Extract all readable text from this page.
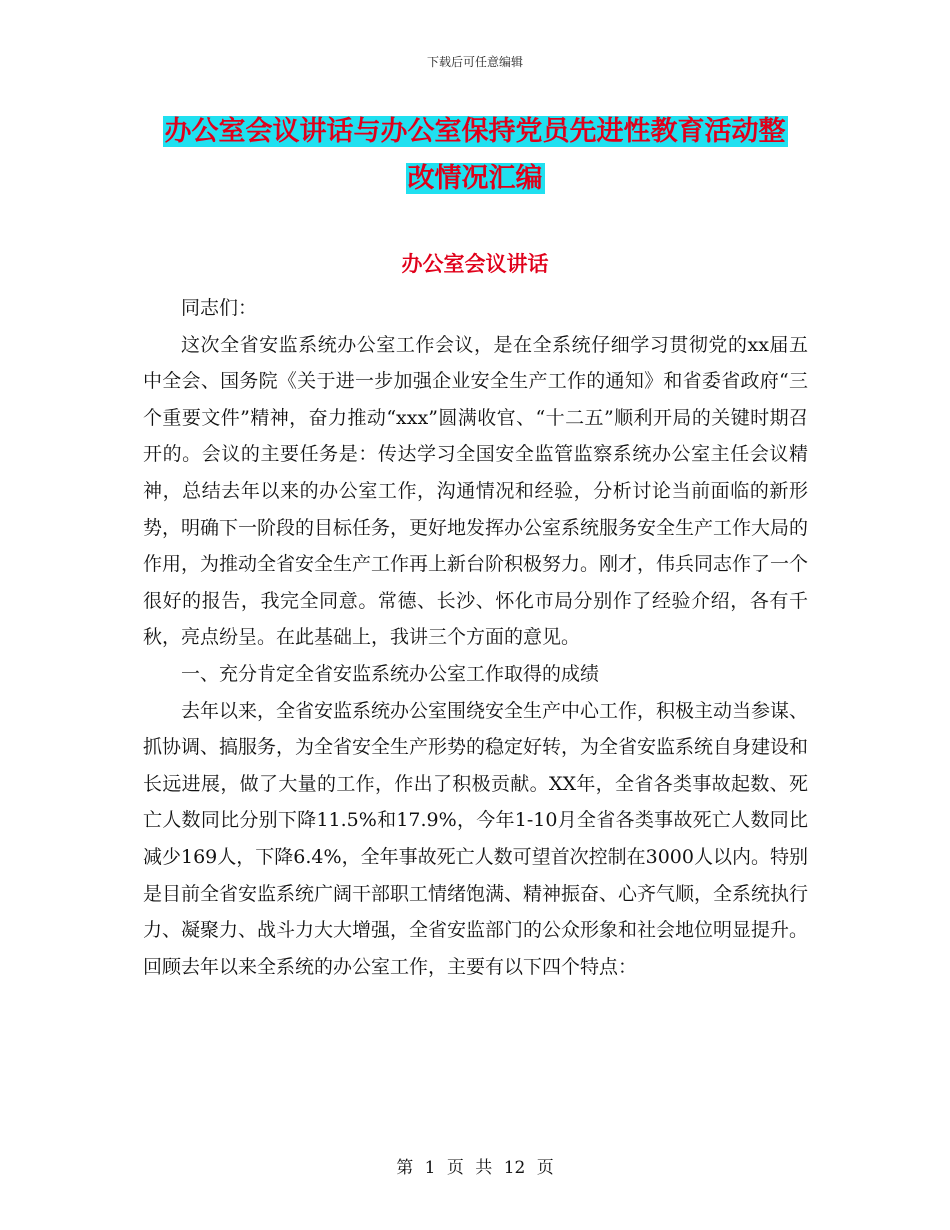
下载后可任意编辑
办公室会议讲话与办公室保持党员先进性教育活动整
改情况汇编
办公室会议讲话

同志们：

这次全省安监系统办公室工作会议，是在全系统仔细学习贯彻党的xx届五中全会、国务院《关于进一步加强企业安全生产工作的通知》和省委省政府“三个重要文件”精神，奋力推动“xxx”圆满收官、“十二五”顺利开局的关键时期召开的。会议的主要任务是：传达学习全国安全监管监察系统办公室主任会议精神，总结去年以来的办公室工作，沟通情况和经验，分析讨论当前面临的新形势，明确下一阶段的目标任务，更好地发挥办公室系统服务安全生产工作大局的作用，为推动全省安全生产工作再上新台阶积极努力。刚才，伟兵同志作了一个很好的报告，我完全同意。常德、长沙、怀化市局分别作了经验介绍，各有千秋，亮点纷呈。在此基础上，我讲三个方面的意见。

一、充分肯定全省安监系统办公室工作取得的成绩

去年以来，全省安监系统办公室围绕安全生产中心工作，积极主动当参谋、抓协调、搞服务，为全省安全生产形势的稳定好转，为全省安监系统自身建设和长远进展，做了大量的工作，作出了积极贡献。XX年，全省各类事故起数、死亡人数同比分别下降11.5%和17.9%，今年1-10月全省各类事故死亡人数同比减少169人，下降6.4%，全年事故死亡人数可望首次控制在3000人以内。特别是目前全省安监系统广阔干部职工情绪饱满、精神振奋、心齐气顺，全系统执行力、凝聚力、战斗力大大增强，全省安监部门的公众形象和社会地位明显提升。回顾去年以来全系统的办公室工作，主要有以下四个特点：

第 1 页 共 12 页
